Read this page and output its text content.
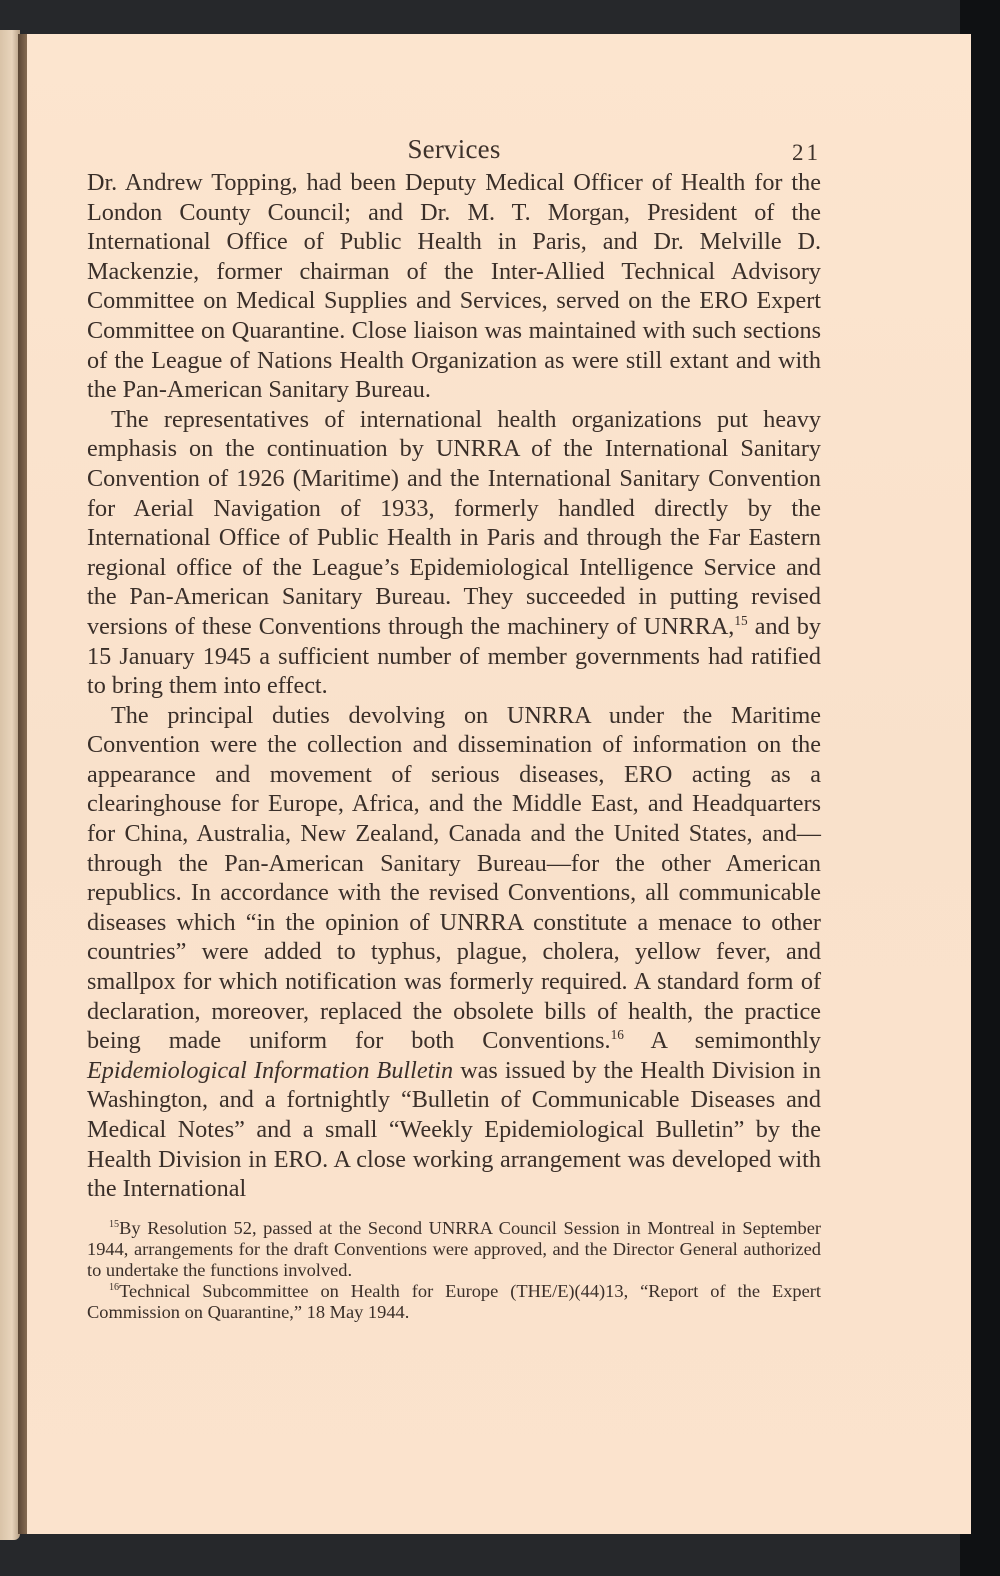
Services	21

Dr. Andrew Topping, had been Deputy Medical Officer of Health for the London County Council; and Dr. M. T. Morgan, President of the International Office of Public Health in Paris, and Dr. Melville D. Mackenzie, former chairman of the Inter-Allied Technical Advisory Committee on Medical Supplies and Services, served on the ERO Expert Committee on Quarantine. Close liaison was maintained with such sections of the League of Nations Health Organization as were still extant and with the Pan-American Sanitary Bureau.

The representatives of international health organizations put heavy emphasis on the continuation by UNRRA of the International Sanitary Convention of 1926 (Maritime) and the International Sanitary Convention for Aerial Navigation of 1933, formerly handled directly by the International Office of Public Health in Paris and through the Far Eastern regional office of the League’s Epidemiological Intelligence Service and the Pan-American Sanitary Bureau. They succeeded in putting revised versions of these Conventions through the machinery of UNRRA,$^{15}$ and by 15 January 1945 a sufficient number of member governments had ratified to bring them into effect.

The principal duties devolving on UNRRA under the Maritime Convention were the collection and dissemination of information on the appearance and movement of serious diseases, ERO acting as a clearinghouse for Europe, Africa, and the Middle East, and Headquarters for China, Australia, New Zealand, Canada and the United States, and—through the Pan-American Sanitary Bureau—for the other American republics. In accordance with the revised Conventions, all communicable diseases which “in the opinion of UNRRA constitute a menace to other countries” were added to typhus, plague, cholera, yellow fever, and smallpox for which notification was formerly required. A standard form of declaration, moreover, replaced the obsolete bills of health, the practice being made uniform for both Conventions.$^{16}$ A semimonthly Epidemiological Information Bulletin was issued by the Health Division in Washington, and a fortnightly “Bulletin of Communicable Diseases and Medical Notes” and a small “Weekly Epidemiological Bulletin” by the Health Division in ERO. A close working arrangement was developed with the International

$^{15}$By Resolution 52, passed at the Second UNRRA Council Session in Montreal in September 1944, arrangements for the draft Conventions were approved, and the Director General authorized to undertake the functions involved.

$^{16}$Technical Subcommittee on Health for Europe (THE/E)(44)13, “Report of the Expert Commission on Quarantine,” 18 May 1944.
